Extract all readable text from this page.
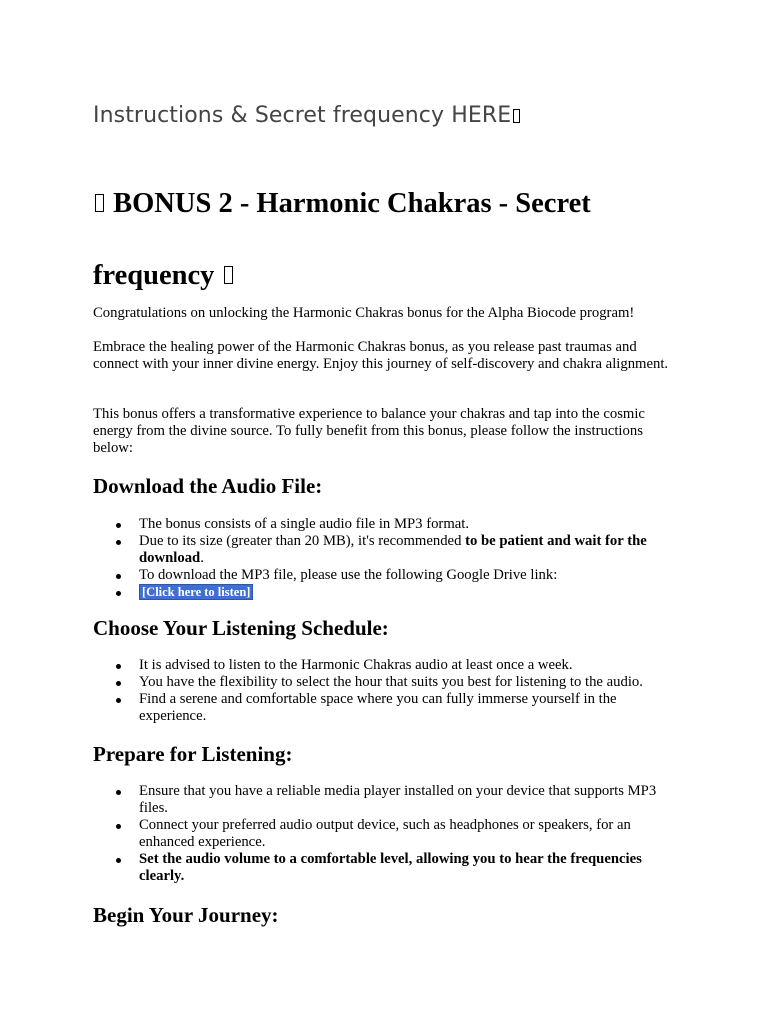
Instructions & Secret frequency HERE
BONUS 2 - Harmonic Chakras - Secret
frequency

Congratulations on unlocking the Harmonic Chakras bonus for the Alpha Biocode program!

Embrace the healing power of the Harmonic Chakras bonus, as you release past traumas and connect with your inner divine energy. Enjoy this journey of self-discovery and chakra alignment.

This bonus offers a transformative experience to balance your chakras and tap into the cosmic energy from the divine source. To fully benefit from this bonus, please follow the instructions below:

Download the Audio File:
The bonus consists of a single audio file in MP3 format.
Due to its size (greater than 20 MB), it's recommended to be patient and wait for the download.
To download the MP3 file, please use the following Google Drive link:
[Click here to listen]
Choose Your Listening Schedule:
It is advised to listen to the Harmonic Chakras audio at least once a week.
You have the flexibility to select the hour that suits you best for listening to the audio.
Find a serene and comfortable space where you can fully immerse yourself in the experience.
Prepare for Listening:
Ensure that you have a reliable media player installed on your device that supports MP3 files.
Connect your preferred audio output device, such as headphones or speakers, for an enhanced experience.
Set the audio volume to a comfortable level, allowing you to hear the frequencies clearly.
Begin Your Journey:
